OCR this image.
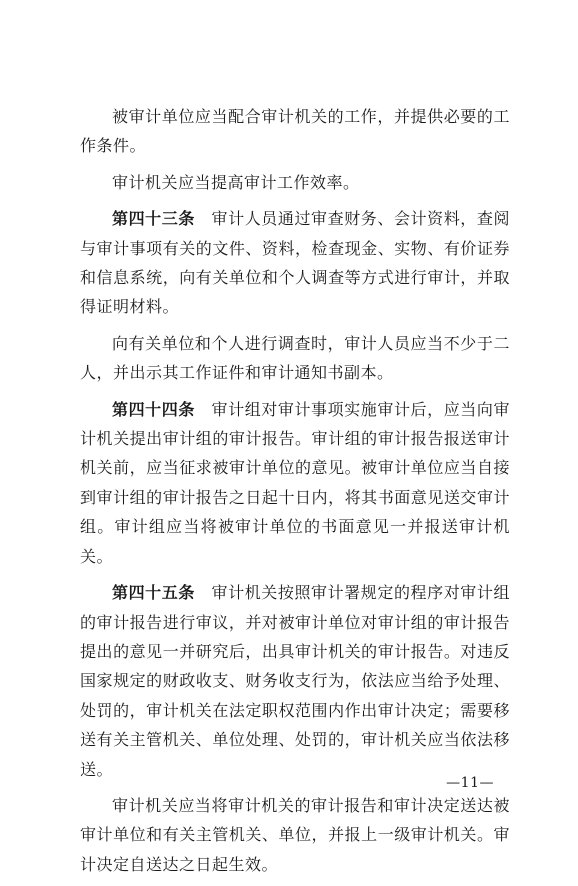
被审计单位应当配合审计机关的工作，并提供必要的工作条件。

审计机关应当提高审计工作效率。

第四十三条　 审计人员通过审查财务、会计资料，查阅与审计事项有关的文件、资料，检查现金、实物、有价证券和信息系统，向有关单位和个人调查等方式进行审计，并取得证明材料。

向有关单位和个人进行调查时，审计人员应当不少于二人，并出示其工作证件和审计通知书副本。

第四十四条　 审计组对审计事项实施审计后，应当向审计机关提出审计组的审计报告。审计组的审计报告报送审计机关前，应当征求被审计单位的意见。被审计单位应当自接到审计组的审计报告之日起十日内，将其书面意见送交审计组。审计组应当将被审计单位的书面意见一并报送审计机关。

第四十五条　 审计机关按照审计署规定的程序对审计组的审计报告进行审议，并对被审计单位对审计组的审计报告提出的意见一并研究后，出具审计机关的审计报告。对违反国家规定的财政收支、财务收支行为，依法应当给予处理、处罚的，审计机关在法定职权范围内作出审计决定；需要移送有关主管机关、单位处理、处罚的，审计机关应当依法移送。

审计机关应当将审计机关的审计报告和审计决定送达被审计单位和有关主管机关、单位，并报上一级审计机关。审计决定自送达之日起生效。

—11—
